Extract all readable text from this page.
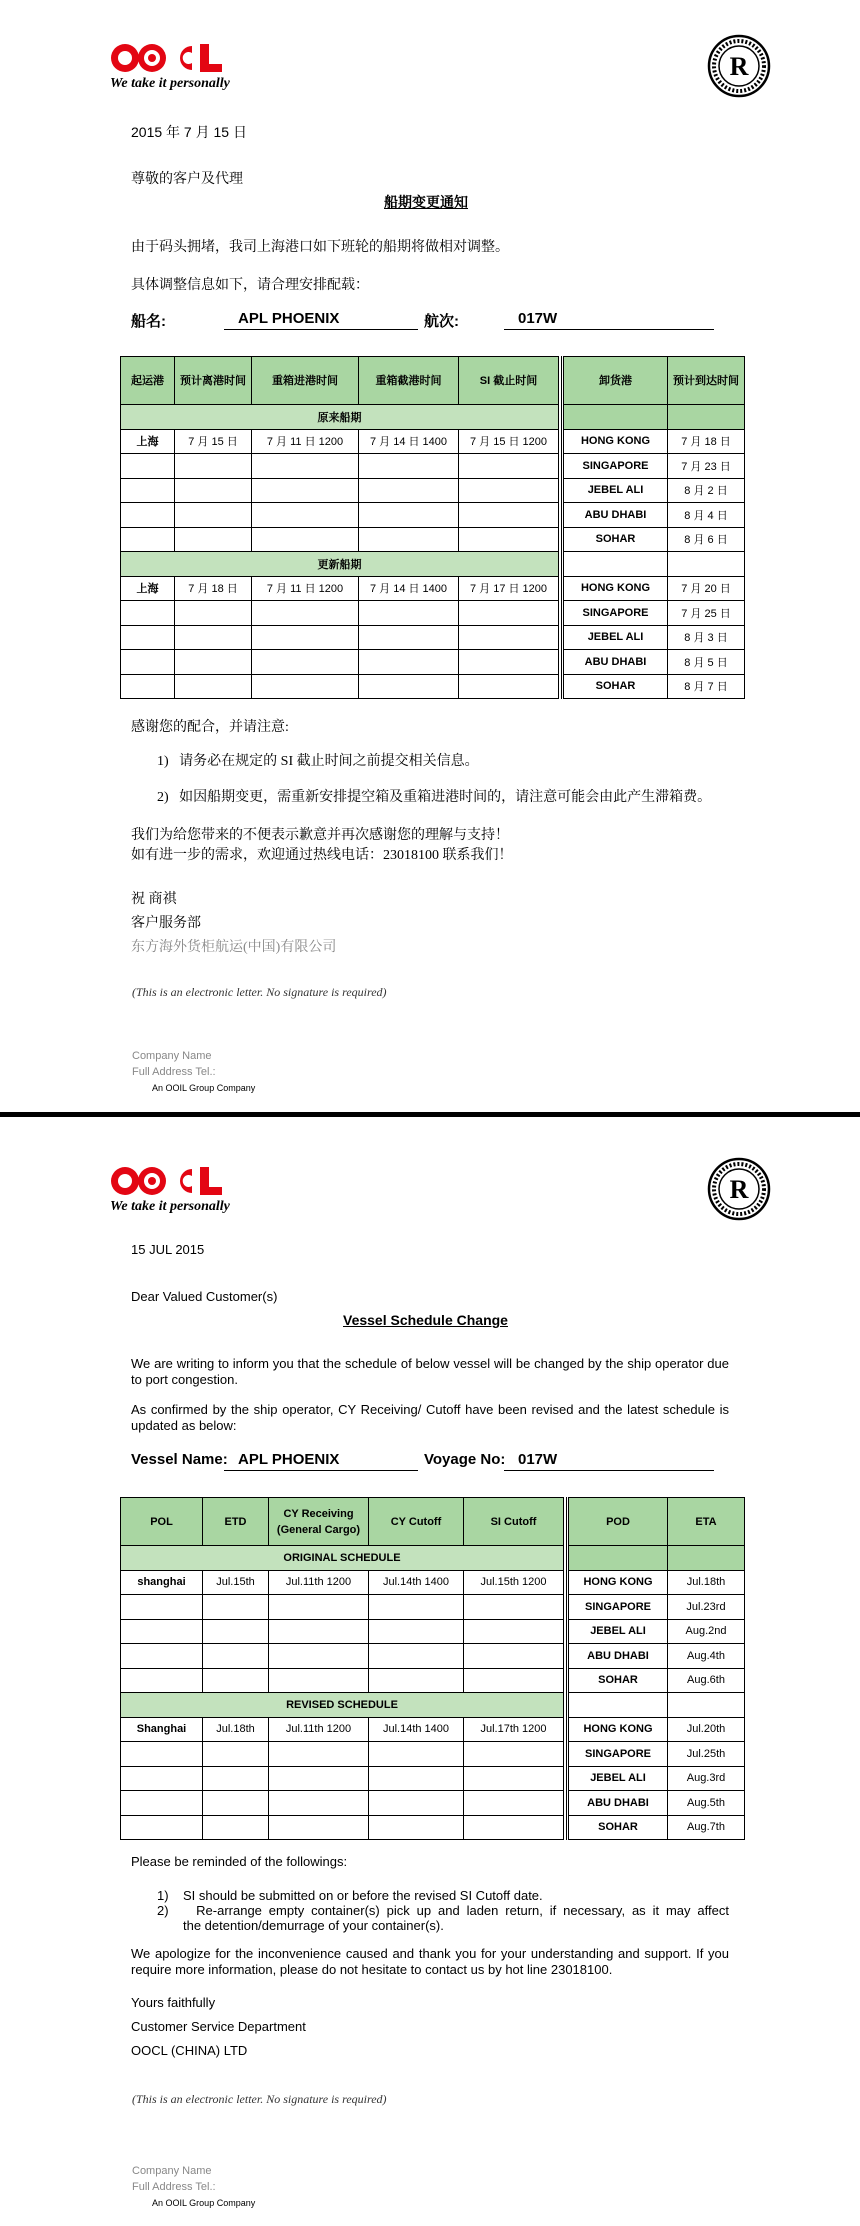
We take it personally
R
2015 年 7 月 15 日
尊敬的客户及代理
船期变更通知
由于码头拥堵，我司上海港口如下班轮的船期将做相对调整。
具体调整信息如下，请合理安排配载：
船名:	APL PHOENIX	航次:	017W
起运港	预计离港时间	重箱进港时间	重箱截港时间	SI 截止时间		卸货港	预计到达时间
原来船期							
上海	7 月 15 日	7 月 11 日 1200	7 月 14 日 1400	7 月 15 日 1200		HONG KONG	7 月 18 日
						SINGAPORE	7 月 23 日
						JEBEL ALI	8 月 2 日
						ABU DHABI	8 月 4 日
						SOHAR	8 月 6 日
更新船期							
上海	7 月 18 日	7 月 11 日 1200	7 月 14 日 1400	7 月 17 日 1200		HONG KONG	7 月 20 日
						SINGAPORE	7 月 25 日
						JEBEL ALI	8 月 3 日
						ABU DHABI	8 月 5 日
						SOHAR	8 月 7 日
感谢您的配合，并请注意:
1)   请务必在规定的 SI 截止时间之前提交相关信息。
2)   如因船期变更，需重新安排提空箱及重箱进港时间的，请注意可能会由此产生滞箱费。
我们为给您带来的不便表示歉意并再次感谢您的理解与支持！
如有进一步的需求，欢迎通过热线电话：23018100 联系我们！
祝 商祺
客户服务部
东方海外货柜航运(中国)有限公司
(This is an electronic letter. No signature is required)
Company Name
Full Address Tel.:
An OOIL Group Company
We take it personally
R
15 JUL 2015
Dear Valued Customer(s)
Vessel Schedule Change
We are writing to inform you that the schedule of below vessel will be changed by the ship operator due to port congestion.
As confirmed by the ship operator, CY Receiving/ Cutoff have been revised and the latest schedule is updated as below:
Vessel Name: APL PHOENIX	Voyage No: 017W
POL	ETD	CY Receiving (General Cargo)	CY Cutoff	SI Cutoff		POD	ETA
ORIGINAL SCHEDULE							
shanghai	Jul.15th	Jul.11th 1200	Jul.14th 1400	Jul.15th 1200		HONG KONG	Jul.18th
						SINGAPORE	Jul.23rd
						JEBEL ALI	Aug.2nd
						ABU DHABI	Aug.4th
						SOHAR	Aug.6th
REVISED SCHEDULE							
Shanghai	Jul.18th	Jul.11th 1200	Jul.14th 1400	Jul.17th 1200		HONG KONG	Jul.20th
						SINGAPORE	Jul.25th
						JEBEL ALI	Aug.3rd
						ABU DHABI	Aug.5th
						SOHAR	Aug.7th
Please be reminded of the followings:
1)    SI should be submitted on or before the revised SI Cutoff date.
2)    Re-arrange empty container(s) pick up and laden return, if necessary, as it may affect
the detention/demurrage of your container(s).
We apologize for the inconvenience caused and thank you for your understanding and support. If you require more information, please do not hesitate to contact us by hot line 23018100.
Yours faithfully
Customer Service Department
OOCL (CHINA) LTD
(This is an electronic letter. No signature is required)
Company Name
Full Address Tel.:
An OOIL Group Company
